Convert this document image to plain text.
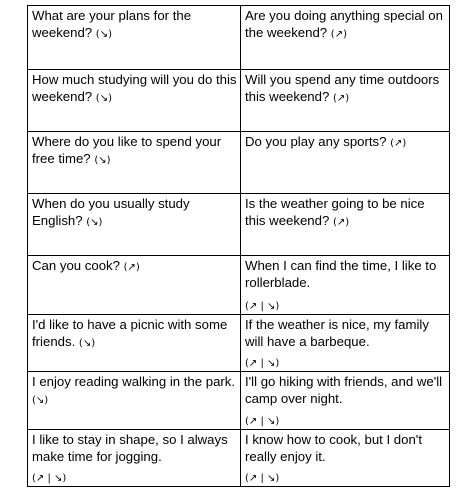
What are your plans for the weekend? (↘)
Are you doing anything special on the weekend? (↗)
How much studying will you do this weekend? (↘)
Will you spend any time outdoors this weekend? (↗)
Where do you like to spend your free time? (↘)
Do you play any sports? (↗)
When do you usually study English? (↘)
Is the weather going to be nice this weekend? (↗)
Can you cook? (↗)	When I can find the time, I like to rollerblade.
(↗ | ↘)
I'd like to have a picnic with some friends. (↘)
If the weather is nice, my family will have a barbeque.
(↗ | ↘)
I enjoy reading walking in the park. (↘)
I'll go hiking with friends, and we'll camp over night.
(↗ | ↘)
I like to stay in shape, so I always make time for jogging.
(↗ | ↘)
I know how to cook, but I don't really enjoy it.
(↗ | ↘)
